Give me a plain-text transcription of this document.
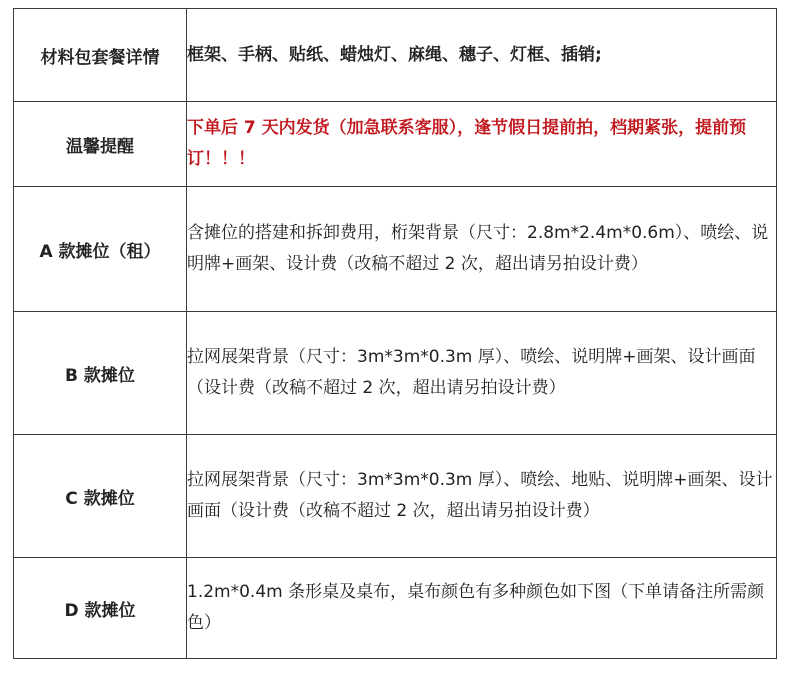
材料包套餐详情	框架、手柄、贴纸、蜡烛灯、麻绳、穗子、灯框、插销;
温馨提醒	下单后 7 天内发货（加急联系客服），逢节假日提前拍，档期紧张，提前预订！！！
A 款摊位（租）	含摊位的搭建和拆卸费用，桁架背景（尺寸：2.8m*2.4m*0.6m）、喷绘、说明牌+画架、设计费（改稿不超过 2 次，超出请另拍设计费）
B 款摊位	拉网展架背景（尺寸：3m*3m*0.3m 厚）、喷绘、说明牌+画架、设计画面（设计费（改稿不超过 2 次，超出请另拍设计费）
C 款摊位	拉网展架背景（尺寸：3m*3m*0.3m 厚）、喷绘、地贴、说明牌+画架、设计画面（设计费（改稿不超过 2 次，超出请另拍设计费）
D 款摊位	1.2m*0.4m 条形桌及桌布，桌布颜色有多种颜色如下图（下单请备注所需颜色）
